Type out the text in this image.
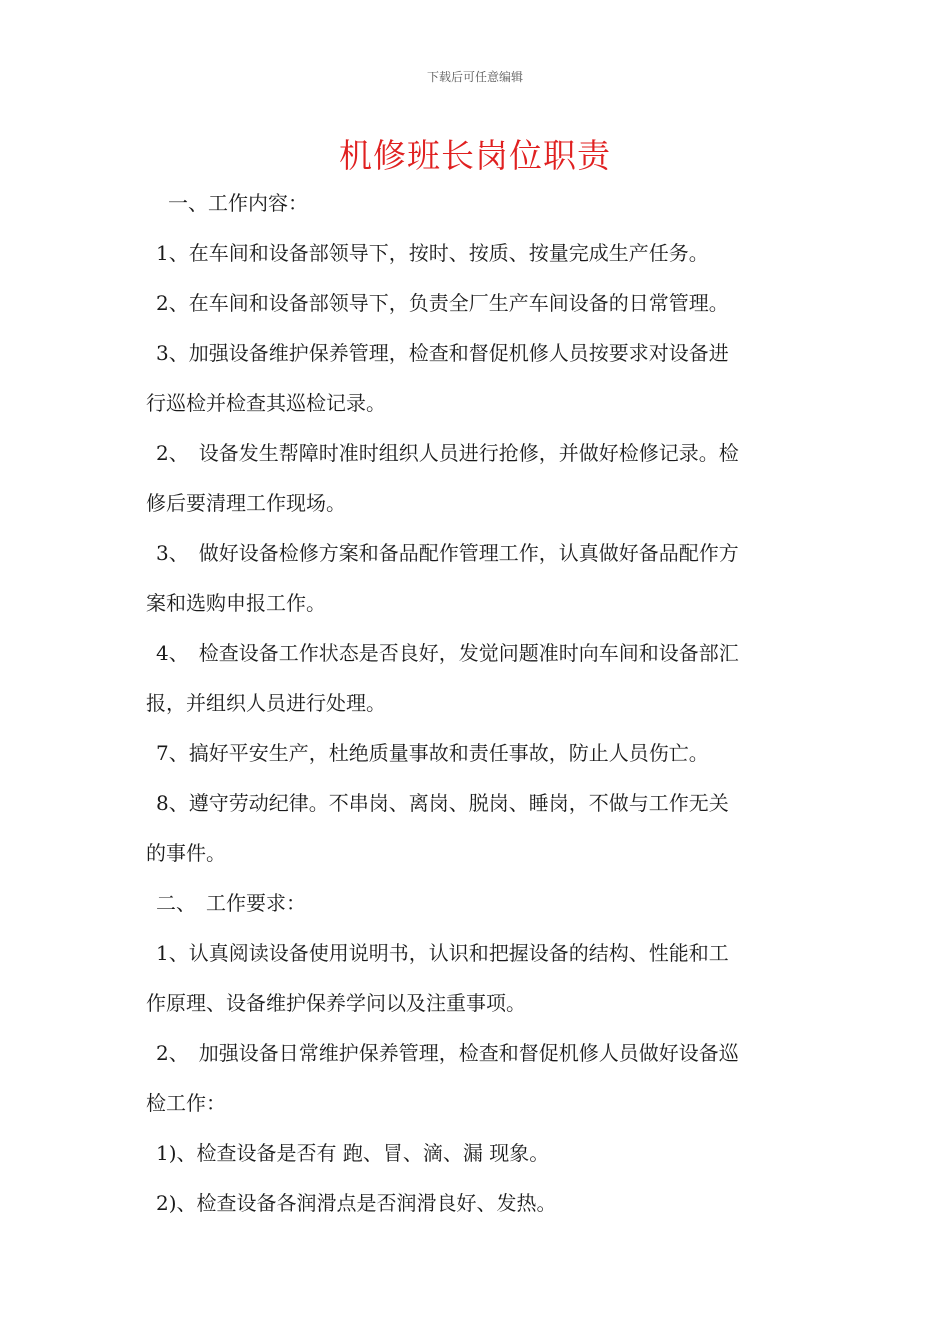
下载后可任意编辑
机修班长岗位职责
一、工作内容：
1、在车间和设备部领导下，按时、按质、按量完成生产任务。
2、在车间和设备部领导下，负责全厂生产车间设备的日常管理。
3、加强设备维护保养管理，检查和督促机修人员按要求对设备进
行巡检并检查其巡检记录。
2、　设备发生帮障时准时组织人员进行抢修，并做好检修记录。检
修后要清理工作现场。
3、　做好设备检修方案和备品配作管理工作，认真做好备品配作方
案和选购申报工作。
4、　检查设备工作状态是否良好，发觉问题准时向车间和设备部汇
报，并组织人员进行处理。
7、搞好平安生产，杜绝质量事故和责任事故，防止人员伤亡。
8、遵守劳动纪律。不串岗、离岗、脱岗、睡岗，不做与工作无关
的事件。
二、　工作要求：
1、认真阅读设备使用说明书，认识和把握设备的结构、性能和工
作原理、设备维护保养学问以及注重事项。
2、　加强设备日常维护保养管理，检查和督促机修人员做好设备巡
检工作：
1)、检查设备是否有 跑、冒、滴、漏 现象。
2)、检查设备各润滑点是否润滑良好、发热。
